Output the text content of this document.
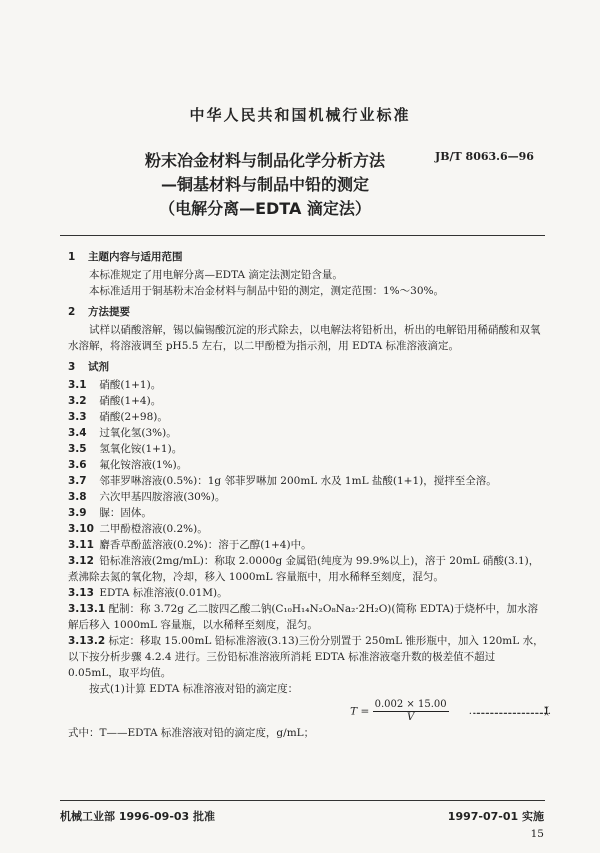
中华人民共和国机械行业标准
粉末冶金材料与制品化学分析方法
—铜基材料与制品中铅的测定
（电解分离—EDTA 滴定法）
JB/T 8063.6—96
1 主题内容与适用范围
本标准规定了用电解分离—EDTA 滴定法测定铅含量。
本标准适用于铜基粉末冶金材料与制品中铅的测定，测定范围：1%～30%。
2 方法提要
试样以硝酸溶解，锡以偏锡酸沉淀的形式除去，以电解法将铅析出，析出的电解铅用稀硝酸和双氧水溶解，将溶液调至 pH5.5 左右，以二甲酚橙为指示剂，用 EDTA 标准溶液滴定。
3 试剂
3.1 硝酸(1+1)。
3.2 硝酸(1+4)。
3.3 硝酸(2+98)。
3.4 过氧化氢(3%)。
3.5 氢氧化铵(1+1)。
3.6 氟化铵溶液(1%)。
3.7 邻菲罗啉溶液(0.5%)：1g 邻菲罗啉加 200mL 水及 1mL 盐酸(1+1)，搅拌至全溶。
3.8 六次甲基四胺溶液(30%)。
3.9 脲：固体。
3.10 二甲酚橙溶液(0.2%)。
3.11 麝香草酚蓝溶液(0.2%)：溶于乙醇(1+4)中。
3.12 铅标准溶液(2mg/mL)：称取 2.0000g 金属铅(纯度为 99.9%以上)，溶于 20mL 硝酸(3.1)，煮沸除去氮的氧化物，冷却，移入 1000mL 容量瓶中，用水稀释至刻度，混匀。
3.13 EDTA 标准溶液(0.01M)。
3.13.1 配制：称 3.72g 乙二胺四乙酸二钠(C₁₀H₁₄N₂O₈Na₂·2H₂O)(简称 EDTA)于烧杯中，加水溶解后移入 1000mL 容量瓶，以水稀释至刻度，混匀。
3.13.2 标定：移取 15.00mL 铅标准溶液(3.13)三份分别置于 250mL 锥形瓶中，加入 120mL 水，以下按分析步骤 4.2.4 进行。三份铅标准溶液所消耗 EDTA 标准溶液毫升数的极差值不超过 0.05mL，取平均值。
按式(1)计算 EDTA 标准溶液对铅的滴定度：
$T = \frac{0.002 \times 15.00}{V}$ ……………………………………………(1)
式中：T——EDTA 标准溶液对铅的滴定度，g/mL；
机械工业部 1996-09-03 批准	1997-07-01 实施
15
